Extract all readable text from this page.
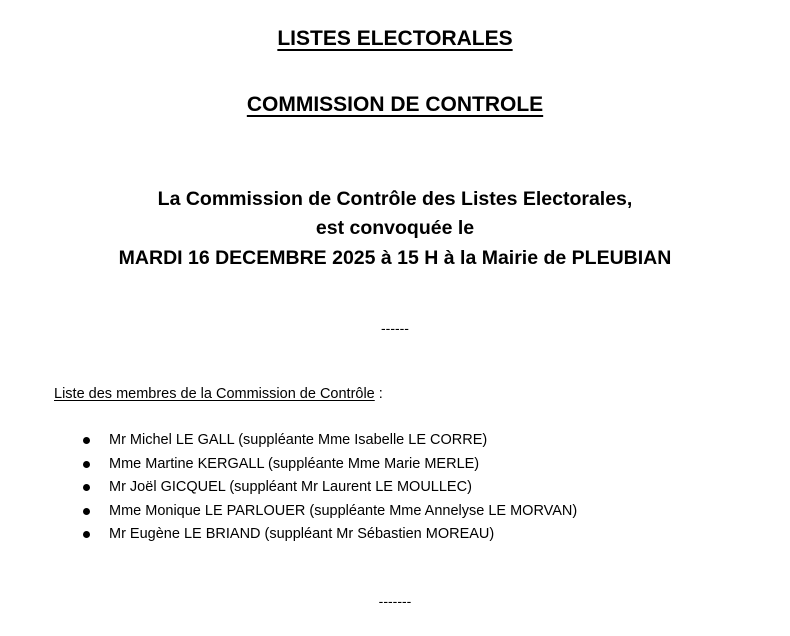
LISTES ELECTORALES
COMMISSION DE CONTROLE
La Commission de Contrôle des Listes Electorales,
est convoquée le
MARDI 16 DECEMBRE 2025 à 15 H à la Mairie de PLEUBIAN
------
Liste des membres de la Commission de Contrôle :
Mr Michel LE GALL (suppléante Mme Isabelle LE CORRE)
Mme Martine KERGALL (suppléante Mme Marie MERLE)
Mr Joël GICQUEL (suppléant Mr Laurent LE MOULLEC)
Mme Monique LE PARLOUER (suppléante Mme Annelyse LE MORVAN)
Mr Eugène LE BRIAND (suppléant Mr Sébastien MOREAU)
-------
